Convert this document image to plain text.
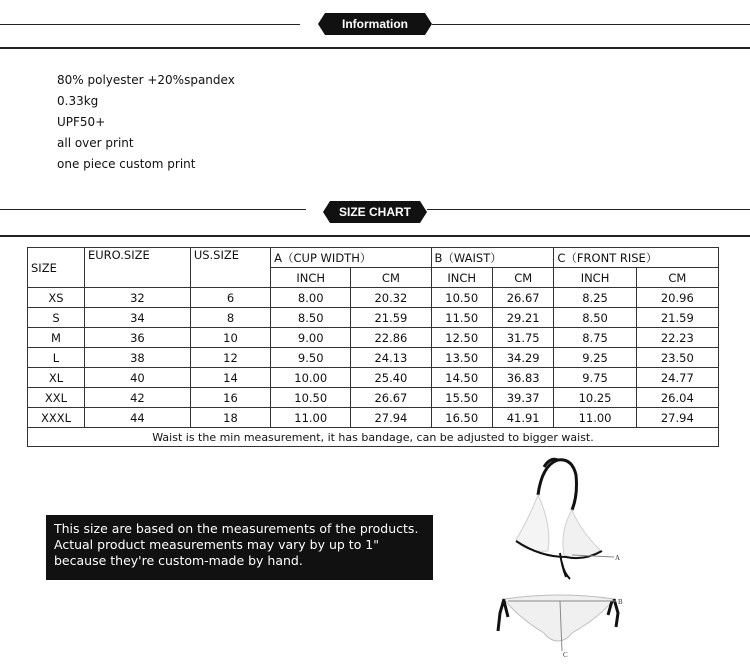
Information
80% polyester +20%spandex
0.33kg
UPF50+
all over print
one piece custom print
SIZE CHART
SIZE	EURO.SIZE	US.SIZE	A（CUP WIDTH）		B（WAIST）		C（FRONT RISE）	
			INCH	CM	INCH	CM	INCH	CM
XS	32	6	8.00	20.32	10.50	26.67	8.25	20.96
S	34	8	8.50	21.59	11.50	29.21	8.50	21.59
M	36	10	9.00	22.86	12.50	31.75	8.75	22.23
L	38	12	9.50	24.13	13.50	34.29	9.25	23.50
XL	40	14	10.00	25.40	14.50	36.83	9.75	24.77
XXL	42	16	10.50	26.67	15.50	39.37	10.25	26.04
XXXL	44	18	11.00	27.94	16.50	41.91	11.00	27.94
Waist is the min measurement, it has bandage, can be adjusted to bigger waist.								
This size are based on the measurements of the products.
Actual product measurements may vary by up to 1"
because they're custom-made by hand.	A
B
C
